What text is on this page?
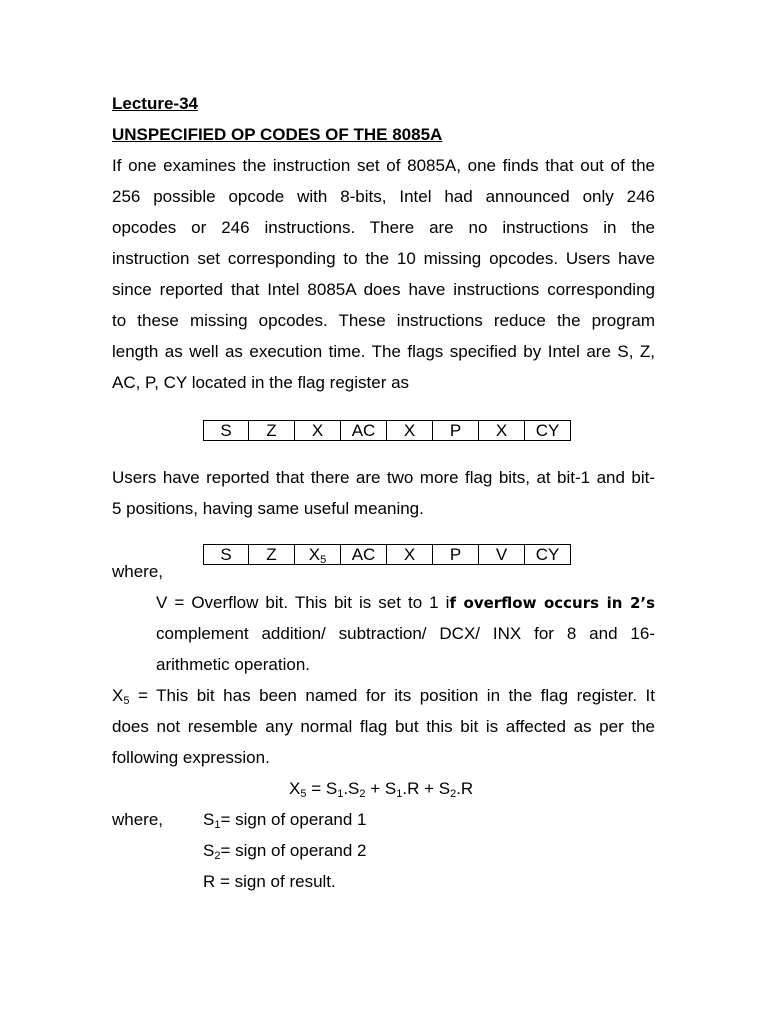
Lecture-34
UNSPECIFIED OP CODES OF THE 8085A
If one examines the instruction set of 8085A, one finds that out of the
256 possible opcode with 8-bits, Intel had announced only 246
opcodes or 246 instructions. There are no instructions in the
instruction set corresponding to the 10 missing opcodes. Users have
since reported that Intel 8085A does have instructions corresponding
to these missing opcodes. These instructions reduce the program
length as well as execution time. The flags specified by Intel are S, Z,
AC, P, CY located in the flag register as
S	Z	X	AC	X	P	X	CY
Users have reported that there are two more flag bits, at bit-1 and bit-
5 positions, having same useful meaning.
S	Z	$X_5$	AC	X	P	V	CY
where,
V = Overflow bit. This bit is set to 1 if overflow occurs in 2’s
complement addition/ subtraction/ DCX/ INX for 8 and 16-
arithmetic operation.
$X_5$ = This bit has been named for its position in the flag register. It
does not resemble any normal flag but this bit is affected as per the
following expression.
$X_5 = S_1.S_2 + S_1.R + S_2.R$
where, $S_1=$ sign of operand 1
$S_2=$ sign of operand 2
R = sign of result.
